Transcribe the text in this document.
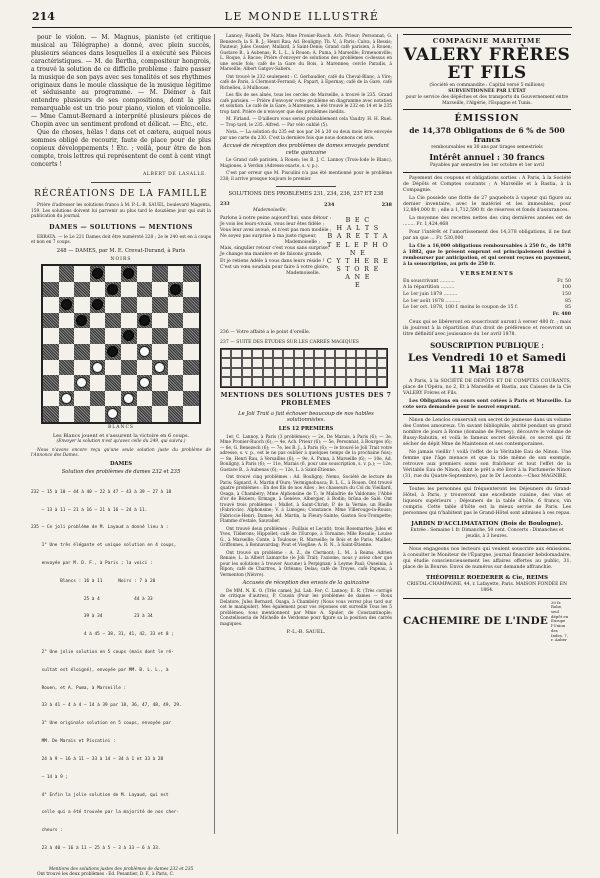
214	LE MONDE ILLUSTRÉ

pour le violon. — M. Magnus, pianiste (et critique musical au Télégraphe) a donné, avec plein succès, plusieurs séances dans lesquelles il a exécuté ses Pièces caractéristiques. — M. de Bertha, compositeur hongrois, a trouvé la solution de ce difficile problème : faire passer la musique de son pays avec ses tonalités et ses rhythmes originaux dans le moule classique de la musique légitime et séduisante au programme. — M. Diémer a fait entendre plusieurs de ses compositions, dont la plus remarquable est un trio pour piano, violon et violoncelle. — Mme Camut-Bernard a interprété plusieurs pièces de Chopin avec un sentiment profond et délicat. — Etc., etc.

Que de choses, hélas ! dans cet et cætera, auquel nous sommes obligé de recourir, faute de place pour de plus copieux développements ! Etc. ; voilà, pour être de bon compte, trois lettres qui représentent de cent à cent vingt concerts !

ALBERT DE LASALLE.
RÉCRÉATIONS DE LA FAMILLE

Prière d'adresser les solutions franco à M. P.-L.-B. SAUEL, boulevard Magenta, 159. Les solutions doivent lui parvenir au plus tard le douzième jour qui suit la publication du journal.

DAMES — SOLUTIONS — MENTIONS

ERRATA. — le Le 221 Dames doit être numéroté 228 ; 2e le 240 est en à coups et non en 7 coups.

248 — DAMES, par M. E. Crevat-Durand, à Paris
NOIRS
BLANCS
Les Blancs jouent et s'assurent la victoire en 6 coups.
(Envoyer la solution n'est qu'avec celle du 249, qui suivra.)

Nous n'avons encore reçu qu'une seule solution juste du problème de l'Annonce des Dames.

DAMES
Solution des problèmes de dames 232 et 235

232 — 15 à 10 — 44 à 40 — 22 à 47 — 43 à 39 — 27 à 18

— 13 à 11 — 21 à 16 — 21 à 16 — 24 à 11.

235 — Ce joli problème de M. Layaud a donné lieu à :

1° Une très élégante et unique solution en 4 coups,

envoyée par M. D. F., à Paris ; la voici :

Blancs : 16 à 11      Noirs : 7 à 20

25 à 4             44 à 33

39 à 34            23 à 34

4 à 45 — 38, 31, 41, 42, 33 et 8 ;

2° Une jolie solution en 5 coups (mais dont le ré-

sultat est éloigné), envoyée par MM. B. L. L., à

Rouen, et A. Puma, à Marseille :

33 à 41 — 4 à 4 — 14 à 39 par 18, 36, 47, 48, 49, 29.

3° Une originale solution en 5 coups, envoyée par

MM. De Marais et Piscatini :

24 à 9 — 16 à 11 — 33 à 14 — 34 à 1 et 33 à 28

— 14 à 9 ;

4° Enfin la jolie solution de M. Layaud, qui est

celle qui a été trouvée par la majorité de nos cher-

cheurs :

23 à 40 — 16 à 11 — 25 à 5 — 3 à 33 — 6 à 33.

Mentions des solutions justes des problèmes de dames 232 et 235

Ont trouvé les deux problèmes : Ed. Pesantier, D. F., à Paris, C.

Lannoy; Fanelli; De Mara; Mme Pronier-Ruoch. Ach. Prieur; Personnat; G. Benezech; la S. B. J.; Henri Rau; Ad. Bouligny; Th. V., à Paris; Calva, à Bessis; Pauteur; Jules Cessier; Mallard, à Saint-Denis; Grand café parisien, à Rouen; Gustave B., à Aubenas; R. L. L., à Rouen; A. Puma, à Marseille; Ermenonville; L. Roque, à Bacoe; Prière d'envoyer de solutions des problèmes ci-dessus en une seule fois; café de la Gare du Bois, à Marennes; cercle Paradis, à Marseille; Albert Gatgov-Sabers.

Ont trouvé le 232 seulement : C. Gerbaudier; café du Cheval-Blanc, à Vire; café de Paris, à Clermont-Ferrand; A. Papart, à Epernay; café de la Gare, café Richelieu, à Mulhouse.

Les fils de ses aînés, tous les cercles de Marseille, a trouvé le 235. Grand café parisien. — Prière d'envoyer votre problème en diagramme avec notation et solution. Le café de la Gare, à Marennes, a été trouvé le 232 en 14 et le 235 trop tard. Prière de n'envoyer que des problèmes inédits.

M. Firland. — D'ailleurs vous seriez probablement cela Vaudry. H. H. Ruel. — Trop tard, le 235. Alfred. — Par vélo oublié (5).

Nota. — La solution du 235 est nos par 24 à 20 ou deux mois être envoyée par une carte du 230. C'est la dernière fois que nous donnons cet avis.

Accusé de réception des problèmes de dames envoyés pendant cette quinzaine

Le Grand café parisien, à Rouen; les B. J. C. Lannoy (Trois-Iode le Blanc), Magiones, à Verdun (Adresse exacte, s. v. p.).

C'est par erreur que M. Pisculini n'a pas été mentionné pour le problème 238; il arrive presque toujours le premier.

SOLUTIONS DES PROBLÈMES 231, 234, 236, 237 ET 238
233
Mademoiselle,
Parlons à notre peine aujourd'hui, sans détour :
Je vois les leurs-vivais, vous leur êtes fidèle ;
Vous leur avez avoué, et n'est pas mon modèle ;
Ne soyez pas surprise à ma juste rigueur,
Mademoiselle ;
Mais, singulier retour c'est vous sans surprise,
Je change ma manière et de faisons grande,
Et je retiens Adèle à vous dans leurs réside !
C'est un vœu soudain pour faire à votre gloire,
Mademoiselle.
234	238
B E C
H A L T S
B A R E T T A
T E L E P H O N E
C Y T H E R E
S T O R E
A N E
E
236 — Votre affaité a le point d'oreille.
237 — SUITE DES ÉTUDES SUR LES CARRÉS MAGIQUES
MENTIONS DES SOLUTIONS JUSTES DES 7 PROBLÈMES
Le Joli Trait a fait échouer beaucoup de nos habiles solutionnistes.
LES 12 PREMIERS

1er, C. Lannoy, à Paris (3 problèmes); — 2e, De Marais, à Paris (6); — 3e, Mme Pronier-Ruoch (6); — 4e, Ach. Prieur (6); — 5e, Personnat, à Bourges (6); — 6e, G. Benezech (6); — 7e, les B. J., à Paris (6); — le trouvé le Joli Trait votre adresse, s. v. p., est le ne pas oublier à quelques temps de la prochaine fois); — 8e, Henri Rau, à Versailles (6); — 9e, A. Puma, à Marseille (6); — 10e, Ad. Bouligny, à Paris (6); — 11e, Marais (6, pour une souscription, s. v. p.); — 12e, Gustave B., à Aubenas (6); — 12e, L. à Saint-Étienne.

Ont trouvé cinq problèmes : Ad. Bouligny; Nemo, Société de lecture de Paris; Signard, A. Martin d'Ours; Vermignobusca; B. L. L., à Rouen. Ont trouvé quatre problèmes : En des fils de nos Ailes ; les chasseurs du Col du Vieillard, Osaga, à Chambéry; Mme Alphonsine de T.; le Maladrie de Valdonne; l'Abbé d'or de Béziers; Ermage, à Genève, Albergier, à Bodin; brûna de Salé. Ont trouvé trois problèmes : Mallet, à Saint-Christ; P. de la Vernie; un Rieille (Fabriccie). Alphonsine; V. à Limoges; Constance. Mme Villerouge-la-Rouss; Fabriccie-Henri; Dames; Ad. Martin, la Fleury-Sainte; Gaston Sou-Trompette; Flamme d'estale, Sauvalier.

Ont trouvé deux problèmes : Fuillais et Lecatit; trois Rosemartes; Jules et Yves, Tilderons; Hippollet; café de l'Europe, à Tornaine; Mlle Rosalie; Louise G., à Marseille; Conte, à Toulouse; R. Marseille; le Bois et de Paris; Maillet; Griffonnes, à Bonnavardag; Pout et Vieglise; A. R. N., à Saint-Étienne.

Ont trouvé un problème : A. Z., de Clermont; L. M., à Reims; Adrien Renaie; L. la Albert Lamarche (le Joli Trait; l'axiome, nous y aviez cher que pour les solutions à trouver Aucune) à Perpignan; à Leyme Paul; Ouseinia, à Ripon; café de Chartres, à Orléans; Delas; café de Troyes, café Papeau, à Vermenton (Nièvre).

Accusés de réception des envois de la quinzaine

De MM. N. K. O. (Très camel; Jul. Lab. Fer; C. Lannoy; E. R. (Très corrigé de critique d'autres), P. Cousin (Pour les problèmes de dames — Roux Delatore, Jules Bernard, Osaga, à Chambéry (Nous vous verrez plus tard sur cet le manipuler). Mes également pour vos réponses ont surveillé Tous les 5 problèmes; tous mentionnent par Mme A. Spuler, de Constantinople; Constelloseria de Michelle de Verdonne pour figure sa la position des carrés magiques.

P.-L.-B. SAUEL.
COMPAGNIE MARITIME
VALERY FRÈRES ET FILS
(Société en commandite : Capital versé 5 millions)
SUBVENTIONNÉE PAR L'ÉTAT
pour le service des dépêches et des transports du Gouvernement entre Marseille, l'Algérie, l'Espagne et Tunis.
ÉMISSION
de 14,378 Obligations de 6 % de 500 francs
remboursables en 30 ans par tirages semestriels
Intérêt annuel : 30 francs
Payables par semestre les 1er octobre et 1er avril

Payement des coupons et obligations sorties : A Paris, à la Société de Dépôts et Comptes courants ; A Marseille et à Bastia, à la Compagnie.

La Cie possède une flotte de 27 paquebots à vapeur qui figure au dernier inventaire, avec le matériel et les immeubles, pour 12,884,000 fr. ; elle a 1,712,590 fr. de réserves et fonds d'assurances.

La moyenne des recettes nettes des cinq dernières années est de ........ Fr. 1,424,468

Pour l'intérêt et l'amortissement des 14,378 obligations, il ne faut par an que ... Fr. 530,000

La Cie a 16,000 obligations remboursables à 250 fr., de 1878 à 1882, que le présent emprunt est principalement destiné à rembourser par anticipation, et qui seront reçues en payement, à la souscription, au prix de 250 fr.

VERSEMENTS
En souscrivant ..........	Fr. 50
A la répartition .........	100
Le 1er juin 1878 .........	150
Le 1er août 1878 ..........	85
Le 1er oct. 1878, 100 f. moins le coupon de 15 f.	85
Fr. 480

Ceux qui se libéreront en souscrivant auront à verser 480 fr. ; mais ils jouiront à la répartition d'un droit de préférence et recevront un titre définitif avec jouissance du 1er avril 1878.

SOUSCRIPTION PUBLIQUE :
Les Vendredi 10 et Samedi 11 Mai 1878

A Paris, à la SOCIÉTÉ DE DÉPÔTS ET DE COMPTES COURANTS, place de l'Opéra, no 2, Et à Marseille et Bastia, aux Caisses de la Cie VALERY Frères et Fils.

Les Obligations en cours sont cotées à Paris et Marseille. La cote sera demandée pour le nouvel emprunt.

Ninon de Lenclos conservait son secret de jeunesse dans un volume des Contes amoureux. Un savant bibliophile, abrité pendant un grand nombre de jours à Rome (domaine de Ferney), découvre le volume de Bussy-Rabutin, et voilà le fameux secret dévoilé, ce secret qui fit sécher de dépit Mme de Maintenon et ses contemporaines.

Ne jamais vieillir ! voilà l'effet de la Véritable Eau de Ninon. Une femme que l'âge menace et que la ride même de son exemple, retrouve aux premiers soins son fraîcheur et tout l'effet de la Véritable Eau de Ninon, dont le prêt a été livré à la Parfumerie Ninon (31, rue du Quatre-Septembre), par le Dr Leconte.—Chez MAGNIRE.

Toutes les personnes qui fréquenteront les Déjeuners du Grand-Hôtel, à Paris, y trouveront une excellente cuisine, des vins et liqueurs supérieurs ; Déjeuners de la table d'hôte, 6 francs, vin compris. Cette table d'hôte est la mieux servie de Paris. Les personnes qui n'habitent pas le Grand-Hôtel sont admises à ces repas.

JARDIN D'ACCLIMATATION (Bois de Boulogne).
Entrée : Semaine 1 fr. Dimanche, 50 cent. Concerts : Dimanches et jeudis, à 3 heures.

Nous engageons nos lecteurs qui veulent souscrire aux émissions, à consulter le Moniteur de l'Épargne, journal financier hebdomadaire, qui étudie consciencieusement les affaires offertes au public, 31, place de la Bourse. Envoi de numéros sur demande affranchie.

THÉOPHILE ROEDERER & Cie, REIMS
CRISTAL-CHAMPAGNE, 44, r. Lafayette, Paris. MAISON FONDÉE EN 1864.
CACHEMIRE DE L'INDE
30 fr. Robe, seul dépôt en Europe l'Union des Indes, 7, r. Auber
